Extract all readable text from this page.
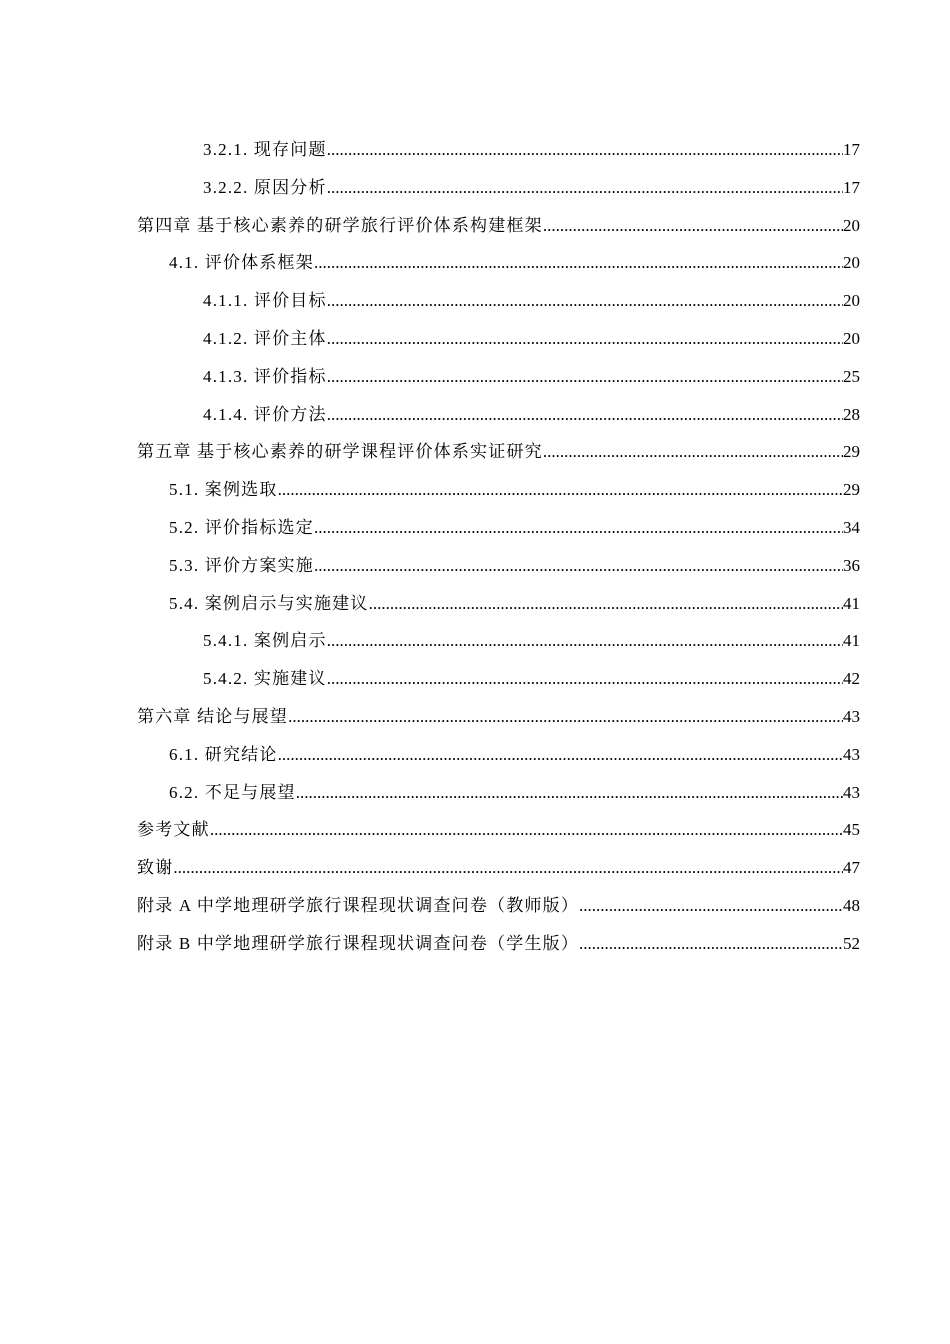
3.2.1. 现存问题 .....	17
3.2.2. 原因分析 .....	17
第四章 基于核心素养的研学旅行评价体系构建框架 .....	20
4.1. 评价体系框架 .....	20
4.1.1. 评价目标 .....	20
4.1.2. 评价主体 .....	20
4.1.3. 评价指标 .....	25
4.1.4. 评价方法 .....	28
第五章 基于核心素养的研学课程评价体系实证研究 .....	29
5.1. 案例选取 .....	29
5.2. 评价指标选定 .....	34
5.3. 评价方案实施 .....	36
5.4. 案例启示与实施建议 .....	41
5.4.1. 案例启示 .....	41
5.4.2. 实施建议 .....	42
第六章 结论与展望 .....	43
6.1. 研究结论 .....	43
6.2. 不足与展望 .....	43
参考文献 .....	45
致谢 .....	47
附录 A 中学地理研学旅行课程现状调查问卷（教师版） .....	48
附录 B 中学地理研学旅行课程现状调查问卷（学生版） .....	52
